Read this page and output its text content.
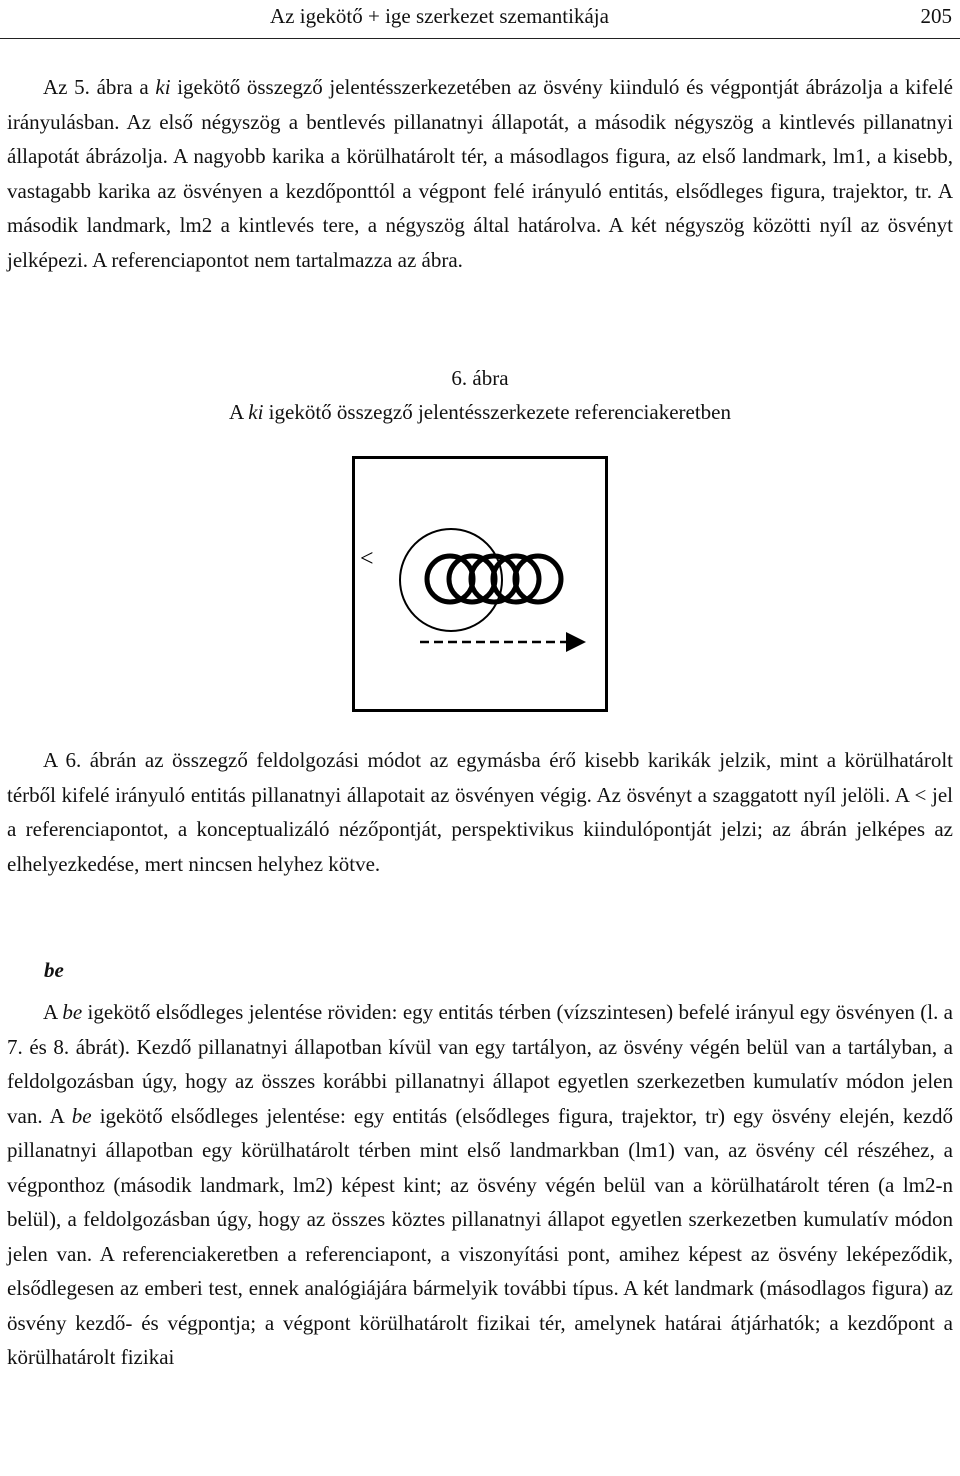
Az igekötő + ige szerkezet szemantikája	205

Az 5. ábra a ki igekötő összegző jelentésszerkezetében az ösvény kiinduló és végpontját ábrázolja a kifelé irányulásban. Az első négyszög a bentlevés pillanatnyi állapotát, a második négyszög a kintlevés pillanatnyi állapotát ábrázolja. A nagyobb karika a körülhatárolt tér, a másodlagos figura, az első landmark, lm1, a kisebb, vastagabb karika az ösvényen a kezdőponttól a végpont felé irányuló entitás, elsődleges figura, trajektor, tr. A második landmark, lm2 a kintlevés tere, a négyszög által határolva. A két négyszög közötti nyíl az ösvényt jelképezi. A referenciapontot nem tartalmazza az ábra.

6. ábra
A ki igekötő összegző jelentésszerkezete referenciakeretben
<

A 6. ábrán az összegző feldolgozási módot az egymásba érő kisebb karikák jelzik, mint a körülhatárolt térből kifelé irányuló entitás pillanatnyi állapotait az ösvényen végig. Az ösvényt a szaggatott nyíl jelöli. A < jel a referenciapontot, a konceptualizáló nézőpontját, perspektivikus kiindulópontját jelzi; az ábrán jelképes az elhelyezkedése, mert nincsen helyhez kötve.

be

A be igekötő elsődleges jelentése röviden: egy entitás térben (vízszintesen) befelé irányul egy ösvényen (l. a 7. és 8. ábrát). Kezdő pillanatnyi állapotban kívül van egy tartályon, az ösvény végén belül van a tartályban, a feldolgozásban úgy, hogy az összes korábbi pillanatnyi állapot egyetlen szerkezetben kumulatív módon jelen van. A be igekötő elsődleges jelentése: egy entitás (elsődleges figura, trajektor, tr) egy ösvény elején, kezdő pillanatnyi állapotban egy körülhatárolt térben mint első landmarkban (lm1) van, az ösvény cél részéhez, a végponthoz (második landmark, lm2) képest kint; az ösvény végén belül van a körülhatárolt téren (a lm2-n belül), a feldolgozásban úgy, hogy az összes köztes pillanatnyi állapot egyetlen szerkezetben kumulatív módon jelen van. A referenciakeretben a referenciapont, a viszonyítási pont, amihez képest az ösvény leképeződik, elsődlegesen az emberi test, ennek analógiájára bármelyik további típus. A két landmark (másodlagos figura) az ösvény kezdő- és végpontja; a végpont körülhatárolt fizikai tér, amelynek határai átjárhatók; a kezdőpont a körülhatárolt fizikai
